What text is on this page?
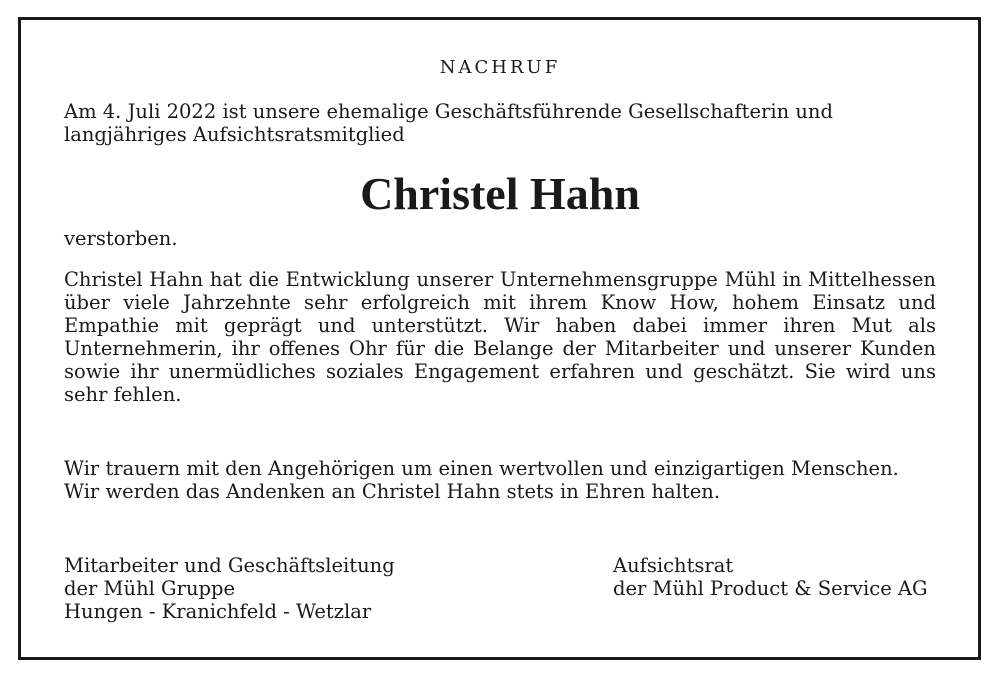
NACHRUF

Am 4. Juli 2022 ist unsere ehemalige Geschäftsführende Gesellschafterin und
langjähriges Aufsichtsratsmitglied

Christel Hahn
verstorben.

Christel Hahn hat die Entwicklung unserer Unternehmensgruppe Mühl in Mittelhessen über viele Jahrzehnte sehr erfolgreich mit ihrem Know How, hohem Einsatz und Empathie mit geprägt und unterstützt. Wir haben dabei immer ihren Mut als Unternehmerin, ihr offenes Ohr für die Belange der Mitarbeiter und unserer Kunden sowie ihr unermüdliches soziales Engagement erfahren und geschätzt. Sie wird uns sehr fehlen.

Wir trauern mit den Angehörigen um einen wertvollen und einzigartigen Menschen.
Wir werden das Andenken an Christel Hahn stets in Ehren halten.

Mitarbeiter und Geschäftsleitung
der Mühl Gruppe
Hungen - Kranichfeld - Wetzlar
Aufsichtsrat
der Mühl Product & Service AG
